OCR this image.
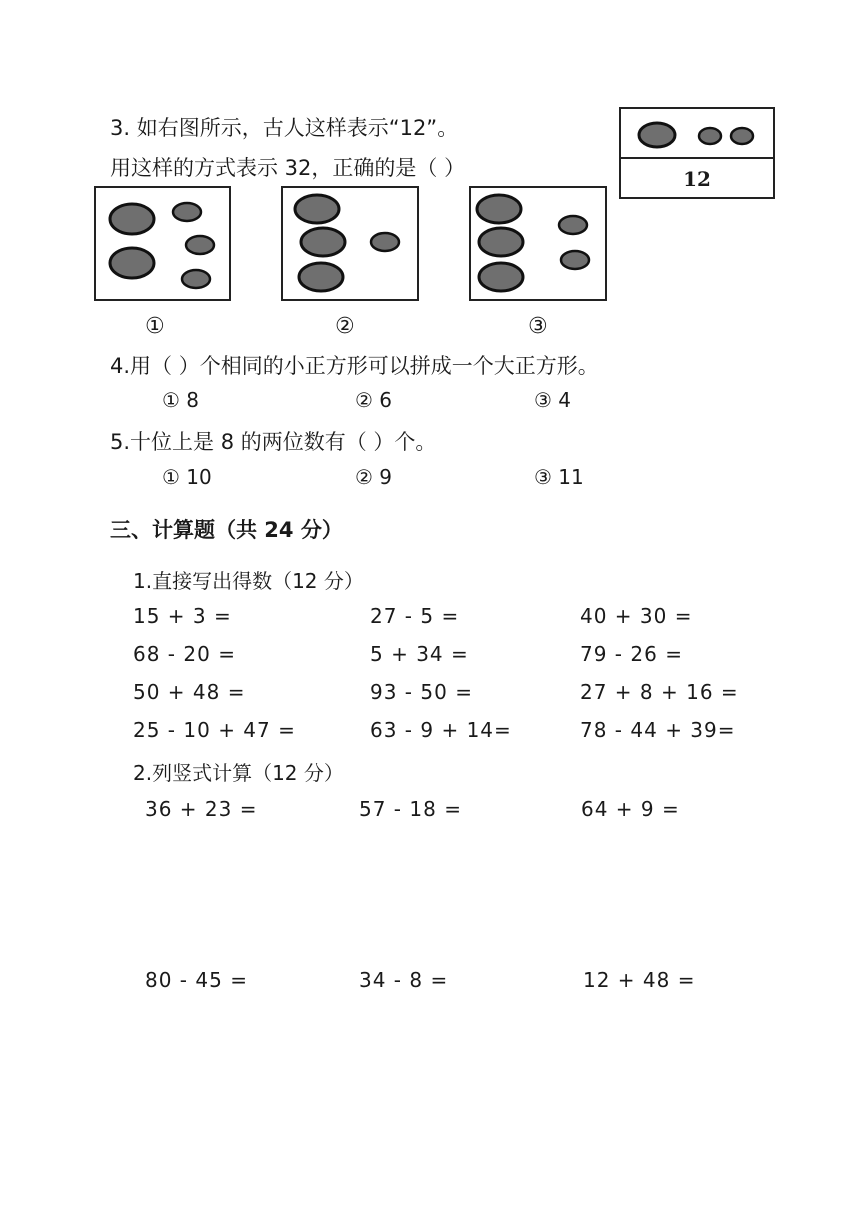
3. 如右图所示，古人这样表示“12”。
用这样的方式表示 32，正确的是（ ）	12
①	②	③
4.用（ ）个相同的小正方形可以拼成一个大正方形。
① 8	② 6	③ 4
5.十位上是 8 的两位数有（ ）个。
① 10	② 9	③ 11
三、计算题（共 24 分）
1.直接写出得数（12 分）
15 + 3 =	27 - 5 =	40 + 30 =
68 - 20 =	5 + 34 =	79 - 26 =
50 + 48 =	93 - 50 =	27 + 8 + 16 =
25 - 10 + 47 =	63 - 9 + 14=	78 - 44 + 39=
2.列竖式计算（12 分）
36 + 23 =	57 - 18 =	64 + 9 =
80 - 45 =	34 - 8 =	12 + 48 =
